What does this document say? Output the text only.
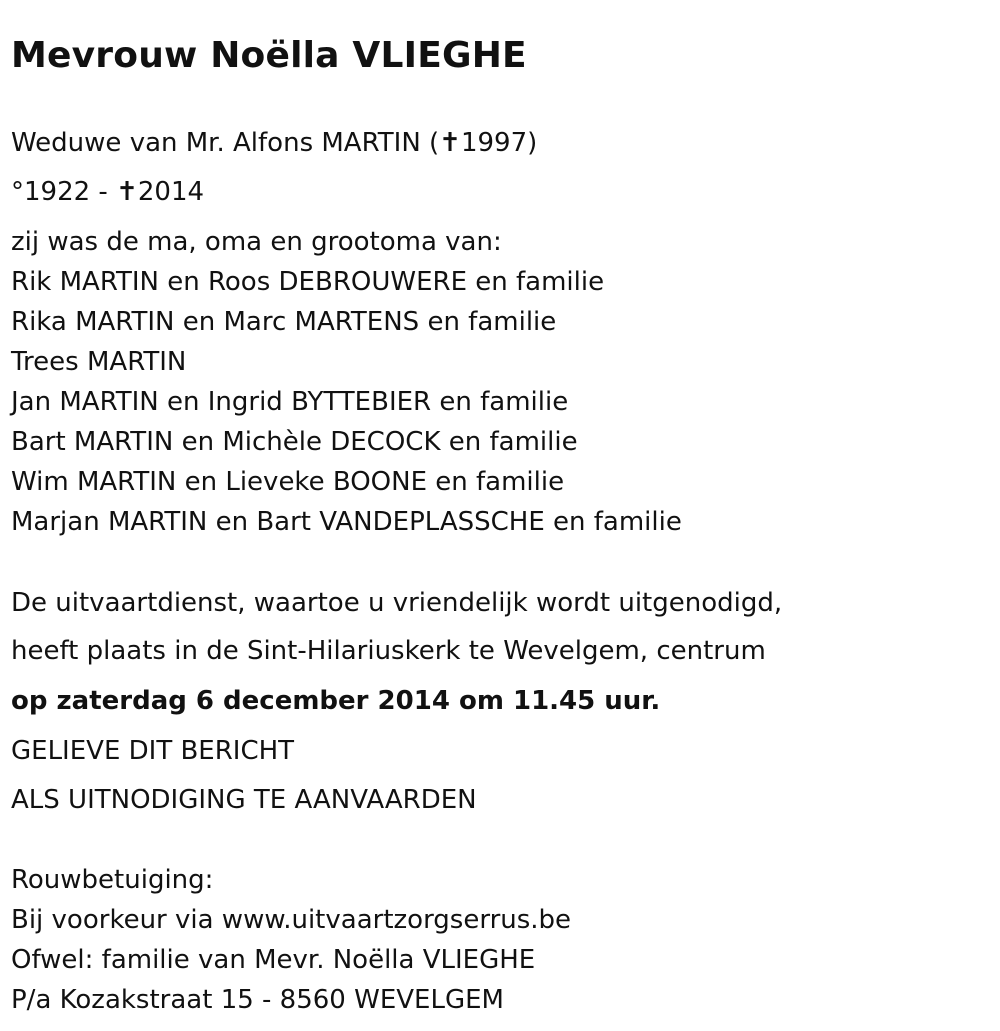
Mevrouw Noëlla VLIEGHE
Weduwe van Mr. Alfons MARTIN (✝1997)
°1922 - ✝2014
zij was de ma, oma en grootoma van:
Rik MARTIN en Roos DEBROUWERE en familie
Rika MARTIN en Marc MARTENS en familie
Trees MARTIN
Jan MARTIN en Ingrid BYTTEBIER en familie
Bart MARTIN en Michèle DECOCK en familie
Wim MARTIN en Lieveke BOONE en familie
Marjan MARTIN en Bart VANDEPLASSCHE en familie
De uitvaartdienst, waartoe u vriendelijk wordt uitgenodigd,
heeft plaats in de Sint-Hilariuskerk te Wevelgem, centrum
op zaterdag 6 december 2014 om 11.45 uur.
GELIEVE DIT BERICHT
ALS UITNODIGING TE AANVAARDEN
Rouwbetuiging:
Bij voorkeur via www.uitvaartzorgserrus.be
Ofwel: familie van Mevr. Noëlla VLIEGHE
P/a Kozakstraat 15 - 8560 WEVELGEM
